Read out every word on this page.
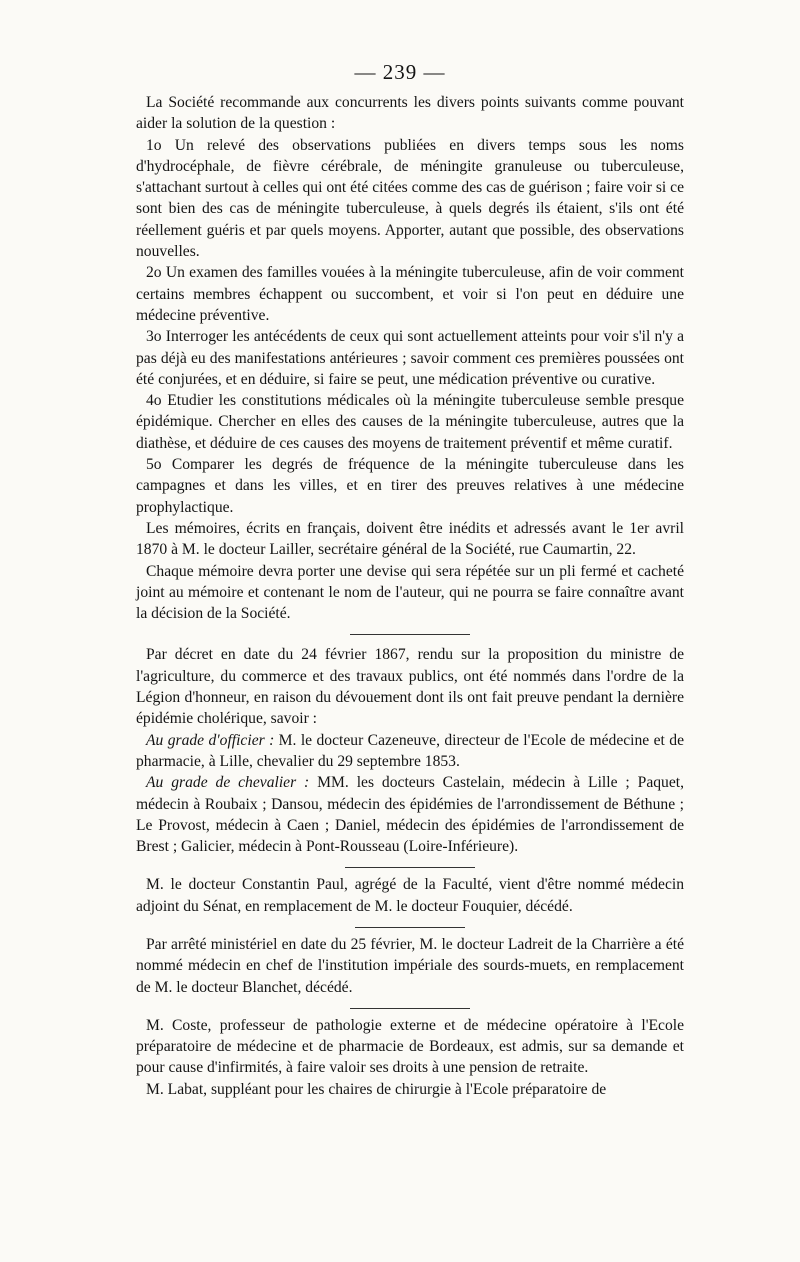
— 239 —

La Société recommande aux concurrents les divers points suivants comme pouvant aider la solution de la question :

1o Un relevé des observations publiées en divers temps sous les noms d'hydrocéphale, de fièvre cérébrale, de méningite granuleuse ou tuberculeuse, s'attachant surtout à celles qui ont été citées comme des cas de guérison ; faire voir si ce sont bien des cas de méningite tuberculeuse, à quels degrés ils étaient, s'ils ont été réellement guéris et par quels moyens. Apporter, autant que possible, des observations nouvelles.

2o Un examen des familles vouées à la méningite tuberculeuse, afin de voir comment certains membres échappent ou succombent, et voir si l'on peut en déduire une médecine préventive.

3o Interroger les antécédents de ceux qui sont actuellement atteints pour voir s'il n'y a pas déjà eu des manifestations antérieures ; savoir comment ces premières poussées ont été conjurées, et en déduire, si faire se peut, une médication préventive ou curative.

4o Etudier les constitutions médicales où la méningite tuberculeuse semble presque épidémique. Chercher en elles des causes de la méningite tuberculeuse, autres que la diathèse, et déduire de ces causes des moyens de traitement préventif et même curatif.

5o Comparer les degrés de fréquence de la méningite tuberculeuse dans les campagnes et dans les villes, et en tirer des preuves relatives à une médecine prophylactique.

Les mémoires, écrits en français, doivent être inédits et adressés avant le 1er avril 1870 à M. le docteur Lailler, secrétaire général de la Société, rue Caumartin, 22.

Chaque mémoire devra porter une devise qui sera répétée sur un pli fermé et cacheté joint au mémoire et contenant le nom de l'auteur, qui ne pourra se faire connaître avant la décision de la Société.

Par décret en date du 24 février 1867, rendu sur la proposition du ministre de l'agriculture, du commerce et des travaux publics, ont été nommés dans l'ordre de la Légion d'honneur, en raison du dévouement dont ils ont fait preuve pendant la dernière épidémie cholérique, savoir :

Au grade d'officier : M. le docteur Cazeneuve, directeur de l'Ecole de médecine et de pharmacie, à Lille, chevalier du 29 septembre 1853.

Au grade de chevalier : MM. les docteurs Castelain, médecin à Lille ; Paquet, médecin à Roubaix ; Dansou, médecin des épidémies de l'arrondissement de Béthune ; Le Provost, médecin à Caen ; Daniel, médecin des épidémies de l'arrondissement de Brest ; Galicier, médecin à Pont-Rousseau (Loire-Inférieure).

M. le docteur Constantin Paul, agrégé de la Faculté, vient d'être nommé médecin adjoint du Sénat, en remplacement de M. le docteur Fouquier, décédé.

Par arrêté ministériel en date du 25 février, M. le docteur Ladreit de la Charrière a été nommé médecin en chef de l'institution impériale des sourds-muets, en remplacement de M. le docteur Blanchet, décédé.

M. Coste, professeur de pathologie externe et de médecine opératoire à l'Ecole préparatoire de médecine et de pharmacie de Bordeaux, est admis, sur sa demande et pour cause d'infirmités, à faire valoir ses droits à une pension de retraite.

M. Labat, suppléant pour les chaires de chirurgie à l'Ecole préparatoire de
